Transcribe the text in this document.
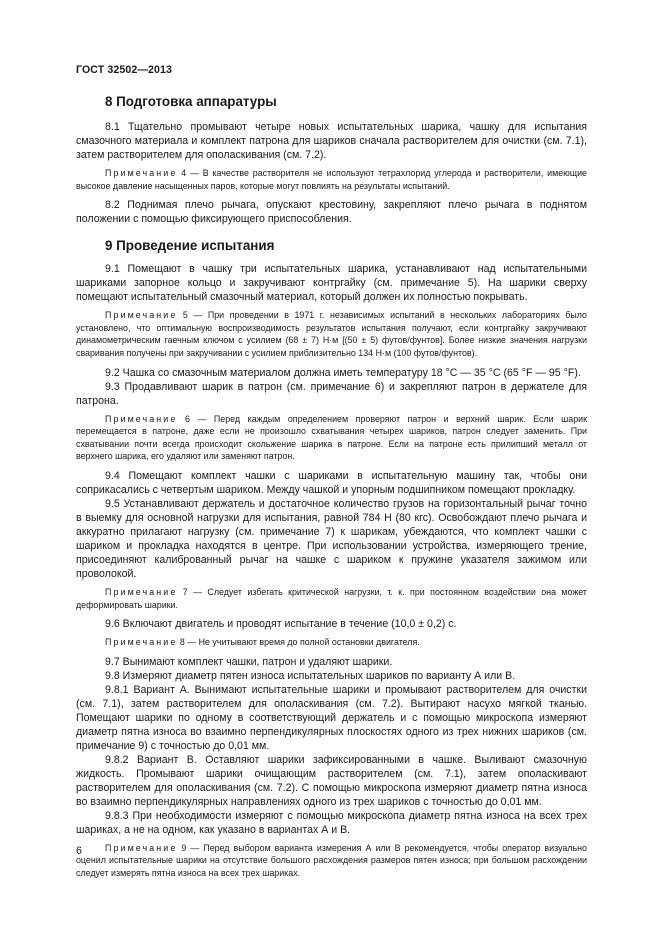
ГОСТ 32502—2013
8 Подготовка аппаратуры

8.1 Тщательно промывают четыре новых испытательных шарика, чашку для испытания смазочного материала и комплект патрона для шариков сначала растворителем для очистки (см. 7.1), затем растворителем для ополаскивания (см. 7.2).

Примечание 4 — В качестве растворителя не используют тетрахлорид углерода и растворители, имеющие высокое давление насыщенных паров, которые могут повлиять на результаты испытаний.

8.2 Поднимая плечо рычага, опускают крестовину, закрепляют плечо рычага в поднятом положении с помощью фиксирующего приспособления.

9 Проведение испытания

9.1 Помещают в чашку три испытательных шарика, устанавливают над испытательными шариками запорное кольцо и закручивают контргайку (см. примечание 5). На шарики сверху помещают испытательный смазочный материал, который должен их полностью покрывать.

Примечание 5 — При проведении в 1971 г. независимых испытаний в нескольких лабораториях было установлено, что оптимальную воспроизводимость результатов испытания получают, если контргайку закручивают динамометрическим гаечным ключом с усилием (68 ± 7) Н·м [(50 ± 5) футов/фунтов]. Более низкие значения нагрузки сваривания получены при закручивании с усилием приблизительно 134 Н·м (100 футов/фунтов).

9.2 Чашка со смазочным материалом должна иметь температуру 18 °С — 35 °С (65 °F — 95 °F).

9.3 Продавливают шарик в патрон (см. примечание 6) и закрепляют патрон в держателе для патрона.

Примечание 6 — Перед каждым определением проверяют патрон и верхний шарик. Если шарик перемещается в патроне, даже если не произошло схватывания четырех шариков, патрон следует заменить. При схватывании почти всегда происходит скольжение шарика в патроне. Если на патроне есть прилипший металл от верхнего шарика, его удаляют или заменяют патрон.

9.4 Помещают комплект чашки с шариками в испытательную машину так, чтобы они соприкасались с четвертым шариком. Между чашкой и упорным подшипником помещают прокладку.

9.5 Устанавливают держатель и достаточное количество грузов на горизонтальный рычаг точно в выемку для основной нагрузки для испытания, равной 784 Н (80 кгс). Освобождают плечо рычага и аккуратно прилагают нагрузку (см. примечание 7) к шарикам, убеждаются, что комплект чашки с шариком и прокладка находятся в центре. При использовании устройства, измеряющего трение, присоединяют калиброванный рычаг на чашке с шариком к пружине указателя зажимом или проволокой.

Примечание 7 — Следует избегать критической нагрузки, т. к. при постоянном воздействии она может деформировать шарики.

9.6 Включают двигатель и проводят испытание в течение (10,0 ± 0,2) с.

Примечание 8 — Не учитывают время до полной остановки двигателя.

9.7 Вынимают комплект чашки, патрон и удаляют шарики.

9.8 Измеряют диаметр пятен износа испытательных шариков по варианту А или В.

9.8.1 Вариант А. Вынимают испытательные шарики и промывают растворителем для очистки (см. 7.1), затем растворителем для ополаскивания (см. 7.2). Вытирают насухо мягкой тканью. Помещают шарики по одному в соответствующий держатель и с помощью микроскопа измеряют диаметр пятна износа во взаимно перпендикулярных плоскостях одного из трех нижних шариков (см. примечание 9) с точностью до 0,01 мм.

9.8.2 Вариант В. Оставляют шарики зафиксированными в чашке. Выливают смазочную жидкость. Промывают шарики очищающим растворителем (см. 7.1), затем ополаскивают растворителем для ополаскивания (см. 7.2). С помощью микроскопа измеряют диаметр пятна износа во взаимно перпендикулярных направлениях одного из трех шариков с точностью до 0,01 мм.

9.8.3 При необходимости измеряют с помощью микроскопа диаметр пятна износа на всех трех шариках, а не на одном, как указано в вариантах А и В.

Примечание 9 — Перед выбором варианта измерения А или В рекомендуется, чтобы оператор визуально оценил испытательные шарики на отсутствие большого расхождения размеров пятен износа; при большом расхождении следует измерять пятна износа на всех трех шариках.

6
